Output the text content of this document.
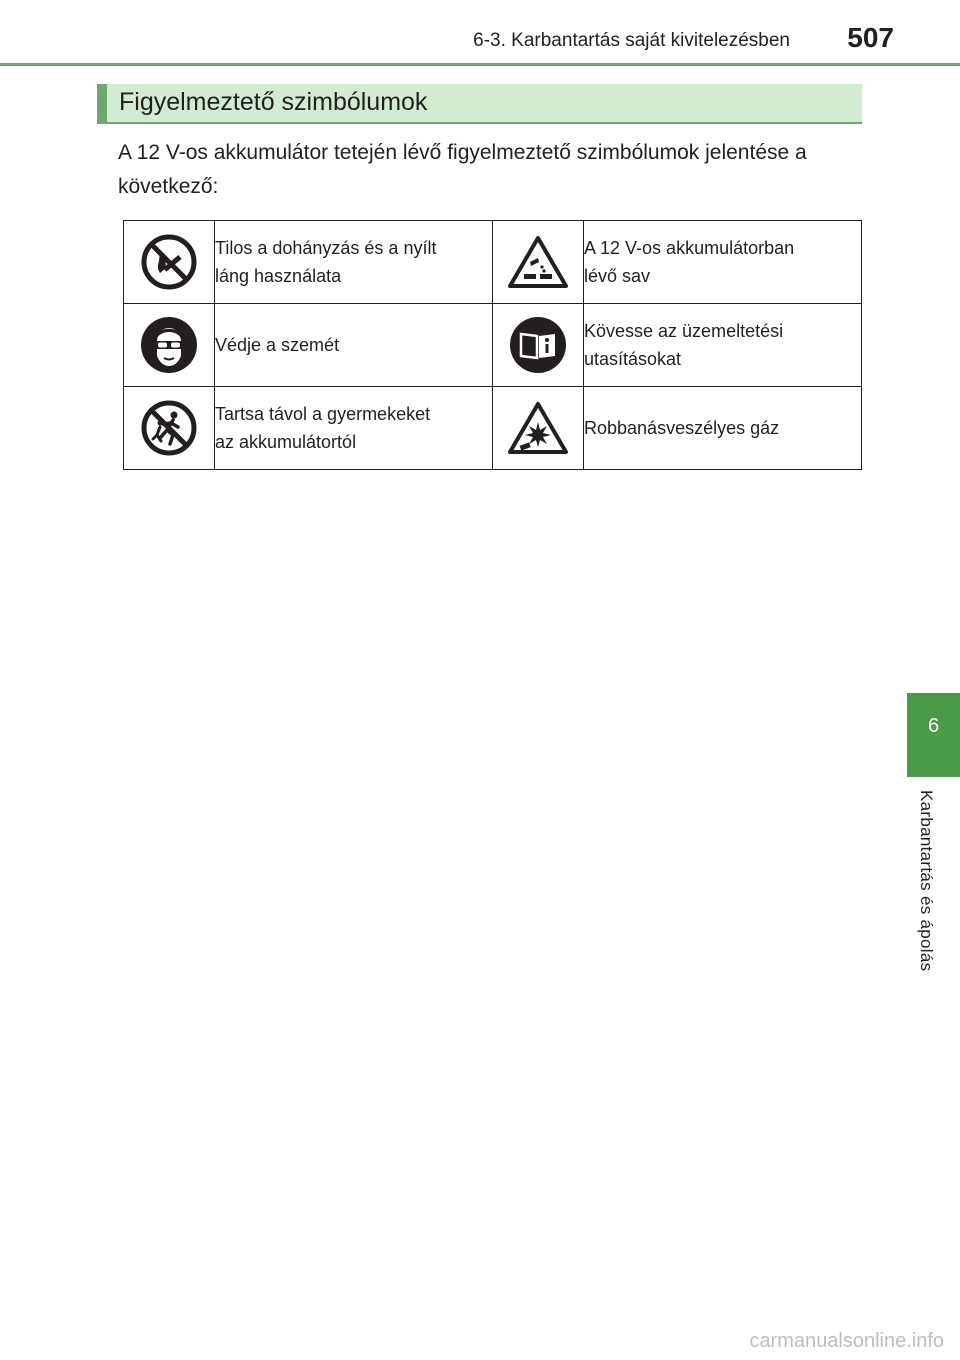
6-3. Karbantartás saját kivitelezésben 507
Figyelmeztető szimbólumok

A 12 V-os akkumulátor tetején lévő figyelmeztető szimbólumok jelentése a következő:

Tilos a dohányzás és a nyílt
láng használata		A 12 V-os akkumulátorban
lévő sav

Védje a szemét		Kövesse az üzemeltetési
utasításokat

Tartsa távol a gyermekeket
az akkumulátortól		Robbanásveszélyes gáz
6
Karbantartás és ápolás
carmanualsonline.info
